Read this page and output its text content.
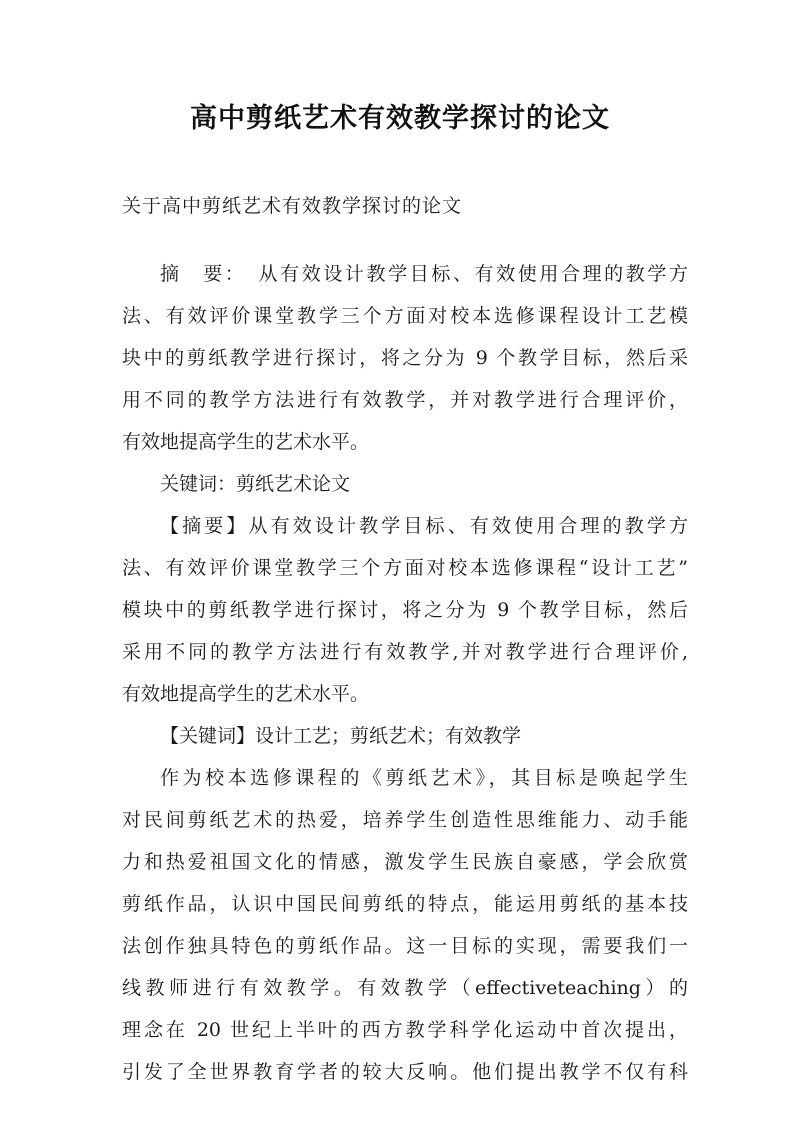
高中剪纸艺术有效教学探讨的论文
关于高中剪纸艺术有效教学探讨的论文
摘　要：　从有效设计教学目标、有效使用合理的教学方
法、有效评价课堂教学三个方面对校本选修课程设计工艺模
块中的剪纸教学进行探讨，将之分为 9 个教学目标，然后采
用不同的教学方法进行有效教学，并对教学进行合理评价，
有效地提高学生的艺术水平。
关键词：剪纸艺术论文
【摘要】从有效设计教学目标、有效使用合理的教学方
法、有效评价课堂教学三个方面对校本选修课程“设计工艺”
模块中的剪纸教学进行探讨，将之分为 9 个教学目标，然后
采用不同的教学方法进行有效教学,并对教学进行合理评价,
有效地提高学生的艺术水平。
【关键词】设计工艺；剪纸艺术；有效教学
作为校本选修课程的《剪纸艺术》，其目标是唤起学生
对民间剪纸艺术的热爱，培养学生创造性思维能力、动手能
力和热爱祖国文化的情感，激发学生民族自豪感，学会欣赏
剪纸作品，认识中国民间剪纸的特点，能运用剪纸的基本技
法创作独具特色的剪纸作品。这一目标的实现，需要我们一
线教师进行有效教学。有效教学（effectiveteaching）的
理念在 20 世纪上半叶的西方教学科学化运动中首次提出，
引发了全世界教育学者的较大反响。他们提出教学不仅有科
